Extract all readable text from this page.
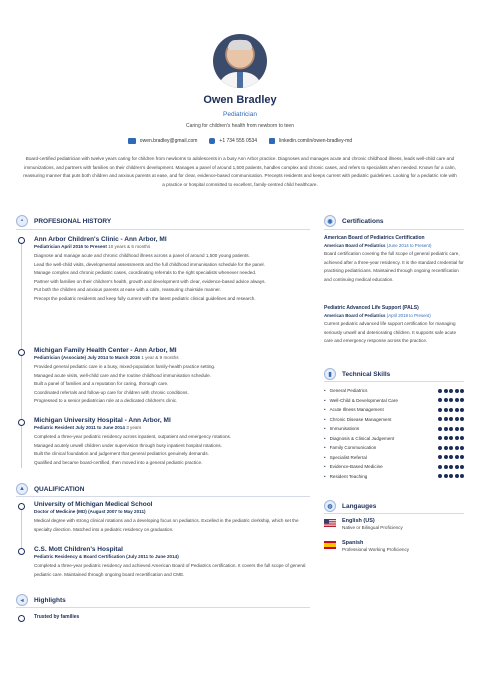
Owen Bradley
Pediatrician
Caring for children's health from newborn to teen
owen.bradley@gmail.com	+1 734 555 0534	linkedin.com/in/owen-bradley-md
Board-certified pediatrician with twelve years caring for children from newborns to adolescents in a busy Ann Arbor practice. Diagnoses and manages acute and chronic childhood illness, leads well-child care and immunizations, and partners with families on their children's development. Manages a panel of around 1,500 patients, handles complex and chronic cases, and refers to specialists when needed. Known for a calm, reassuring manner that puts both children and anxious parents at ease, and for clear, evidence-based communication. Precepts residents and keeps current with pediatric guidelines. Looking for a pediatric role with a practice or hospital committed to excellent, family-centred child healthcare.
▪	PROFESIONAL HISTORY
Ann Arbor Children's Clinic - Ann Arbor, MI
Pediatrician April 2016 to Present 10 years & 5 months
Diagnose and manage acute and chronic childhood illness across a panel of around 1,500 young patients.
Lead the well-child visits, developmental assessments and the full childhood immunisation schedule for the panel.
Manage complex and chronic pediatric cases, coordinating referrals to the right specialists whenever needed.
Partner with families on their children's health, growth and development with clear, evidence-based advice always.
Put both the children and anxious parents at ease with a calm, reassuring chairside manner.
Precept the pediatric residents and keep fully current with the latest pediatric clinical guidelines and research.
Michigan Family Health Center - Ann Arbor, MI
Pediatrician (Associate) July 2014 to March 2016 1 year & 9 months
Provided general pediatric care in a busy, mixed-population family-health practice setting.
Managed acute visits, well-child care and the routine childhood immunisation schedule.
Built a panel of families and a reputation for caring, thorough care.
Coordinated referrals and follow-up care for children with chronic conditions.
Progressed to a senior pediatrician role at a dedicated children's clinic.
Michigan University Hospital - Ann Arbor, MI
Pediatric Resident July 2011 to June 2014 3 years
Completed a three-year pediatric residency across inpatient, outpatient and emergency rotations.
Managed acutely unwell children under supervision through busy inpatient hospital rotations.
Built the clinical foundation and judgement that general pediatrics genuinely demands.
Qualified and became board-certified, then moved into a general pediatric practice.
▲	QUALIFICATION
University of Michigan Medical School
Doctor of Medicine (MD) (August 2007 to May 2011)
Medical degree with strong clinical rotations and a developing focus on pediatrics. Excelled in the pediatric clerkship, which set the specialty direction. Matched into a pediatric residency on graduation.
C.S. Mott Children's Hospital
Pediatric Residency & Board Certification (July 2011 to June 2014)
Completed a three-year pediatric residency and achieved American Board of Pediatrics certification. It covers the full scope of general pediatric care. Maintained through ongoing board recertification and CME.
◂	Highlights
Trusted by families
◉	Certifications
American Board of Pediatrics Certification
American Board of Pediatrics (June 2014 to Present)
Board certification covering the full scope of general pediatric care, achieved after a three-year residency. It is the standard credential for practising pediatricians. Maintained through ongoing recertification and continuing medical education.
Pediatric Advanced Life Support (PALS)
American Board of Pediatrics (April 2019 to Present)
Current pediatric advanced life support certification for managing seriously unwell and deteriorating children. It supports safe acute care and emergency response across the practice.
▮	Technical Skills
• General Pediatrics
• Well-Child & Developmental Care
• Acute Illness Management
• Chronic Disease Management
• Immunisations
• Diagnosis & Clinical Judgement
• Family Communication
• Specialist Referral
• Evidence-Based Medicine
• Resident Teaching
◍	Langauges
English (US)
Native or Bilingual Proficiency
Spanish
Professional Working Proficiency
